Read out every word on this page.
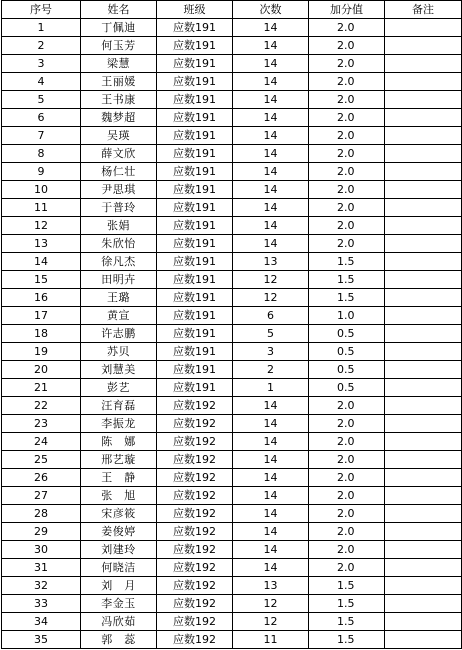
序号	姓名	班级	次数	加分值	备注
1	丁佩迪	应数191	14	2.0	
2	何玉芳	应数191	14	2.0	
3	梁慧	应数191	14	2.0	
4	王丽媛	应数191	14	2.0	
5	王书康	应数191	14	2.0	
6	魏梦超	应数191	14	2.0	
7	吴瑛	应数191	14	2.0	
8	薛文欣	应数191	14	2.0	
9	杨仁壮	应数191	14	2.0	
10	尹思琪	应数191	14	2.0	
11	于普玲	应数191	14	2.0	
12	张娟	应数191	14	2.0	
13	朱欣怡	应数191	14	2.0	
14	徐凡杰	应数191	13	1.5	
15	田明卉	应数191	12	1.5	
16	王璐	应数191	12	1.5	
17	黄宣	应数191	6	1.0	
18	许志鹏	应数191	5	0.5	
19	苏贝	应数191	3	0.5	
20	刘慧美	应数191	2	0.5	
21	彭艺	应数191	1	0.5	
22	汪育磊	应数192	14	2.0	
23	李振龙	应数192	14	2.0	
24	陈　娜	应数192	14	2.0	
25	邢艺璇	应数192	14	2.0	
26	王　静	应数192	14	2.0	
27	张　旭	应数192	14	2.0	
28	宋彦筱	应数192	14	2.0	
29	姜俊婷	应数192	14	2.0	
30	刘建玲	应数192	14	2.0	
31	何晓洁	应数192	14	2.0	
32	刘　月	应数192	13	1.5	
33	李金玉	应数192	12	1.5	
34	冯欣茹	应数192	12	1.5	
35	郭　蕊	应数192	11	1.5	
